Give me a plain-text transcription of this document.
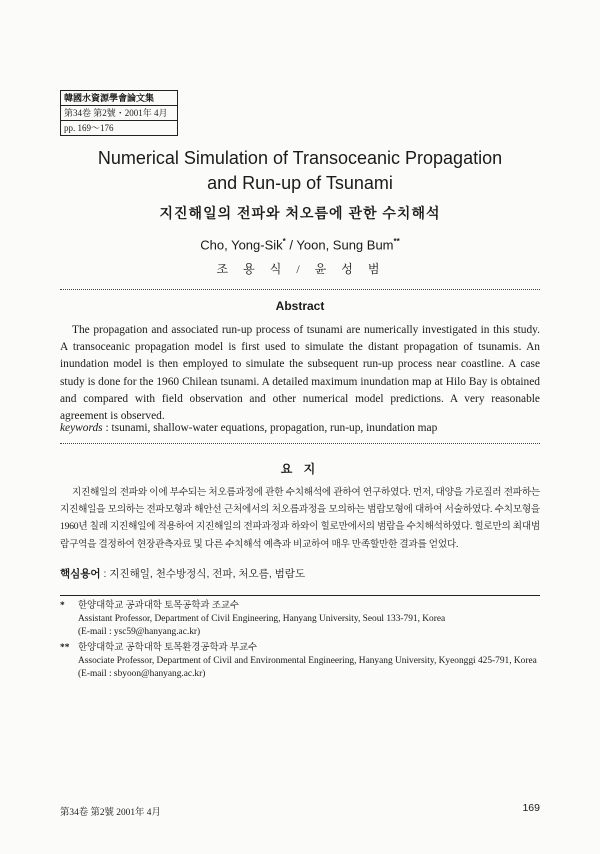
韓國水資源學會論文集
第34卷 第2號・2001年 4月
pp. 169～176
Numerical Simulation of Transoceanic Propagation
and Run-up of Tsunami
지진해일의 전파와 처오름에 관한 수치해석
Cho, Yong-Sik* / Yoon, Sung Bum**
조 용 식 / 윤 성 범
Abstract

The propagation and associated run-up process of tsunami are numerically investigated in this study. A transoceanic propagation model is first used to simulate the distant propagation of tsunamis. An inundation model is then employed to simulate the subsequent run-up process near coastline. A case study is done for the 1960 Chilean tsunami. A detailed maximum inundation map at Hilo Bay is obtained and compared with field observation and other numerical model predictions. A very reasonable agreement is observed.

keywords : tsunami, shallow-water equations, propagation, run-up, inundation map
요 지

지진해일의 전파와 이에 부수되는 처오름과정에 관한 수치해석에 관하여 연구하였다. 먼저, 대양을 가로질러 전파하는 지진해일을 모의하는 전파모형과 해안선 근처에서의 처오름과정을 모의하는 범람모형에 대하여 서술하였다. 수치모형을 1960년 칠레 지진해일에 적용하여 지진해일의 전파과정과 하와이 힐로만에서의 범람을 수치해석하였다. 힐로만의 최대범람구역을 결정하여 현장관측자료 및 다른 수치해석 예측과 비교하여 매우 만족할만한 결과를 얻었다.

핵심용어 : 지진해일, 천수방정식, 전파, 처오름, 범람도
* 한양대학교 공과대학 토목공학과 조교수
Assistant Professor, Department of Civil Engineering, Hanyang University, Seoul 133-791, Korea
(E-mail : ysc59@hanyang.ac.kr)
** 한양대학교 공학대학 토목환경공학과 부교수
Associate Professor, Department of Civil and Environmental Engineering, Hanyang University, Kyeonggi 425-791, Korea (E-mail : sbyoon@hanyang.ac.kr)
第34卷 第2號 2001年 4月	169
